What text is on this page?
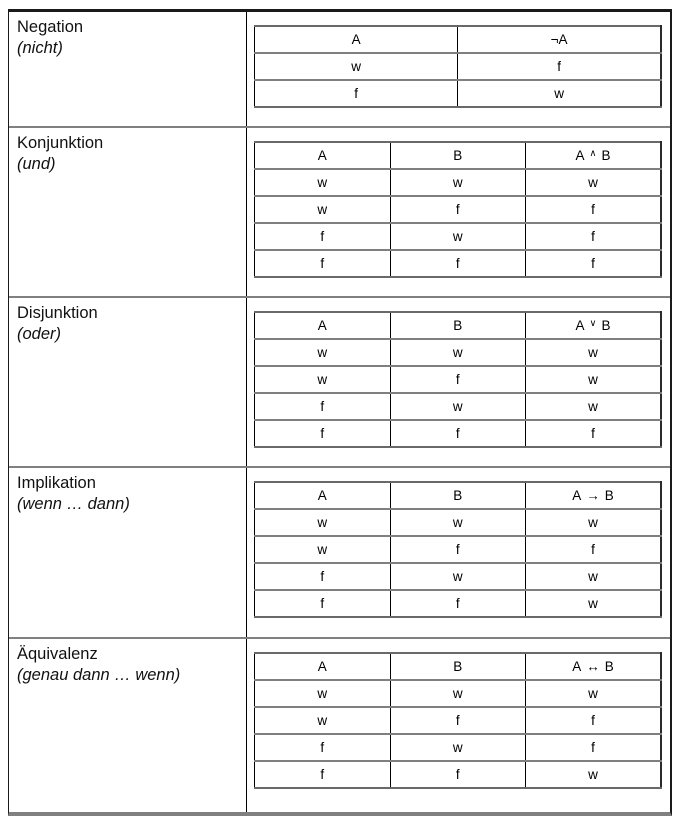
Negation
(nicht)	A	¬A
w	f
f	w
Konjunktion
(und)	A	B	A ∧ B
w	w	w
w	f	f
f	w	f
f	f	f
Disjunktion
(oder)	A	B	A ∨ B
w	w	w
w	f	w
f	w	w
f	f	f
Implikation
(wenn … dann)	A	B	A → B
w	w	w
w	f	f
f	w	w
f	f	w
Äquivalenz
(genau dann … wenn)	A	B	A ↔ B
w	w	w
w	f	f
f	w	f
f	f	w
